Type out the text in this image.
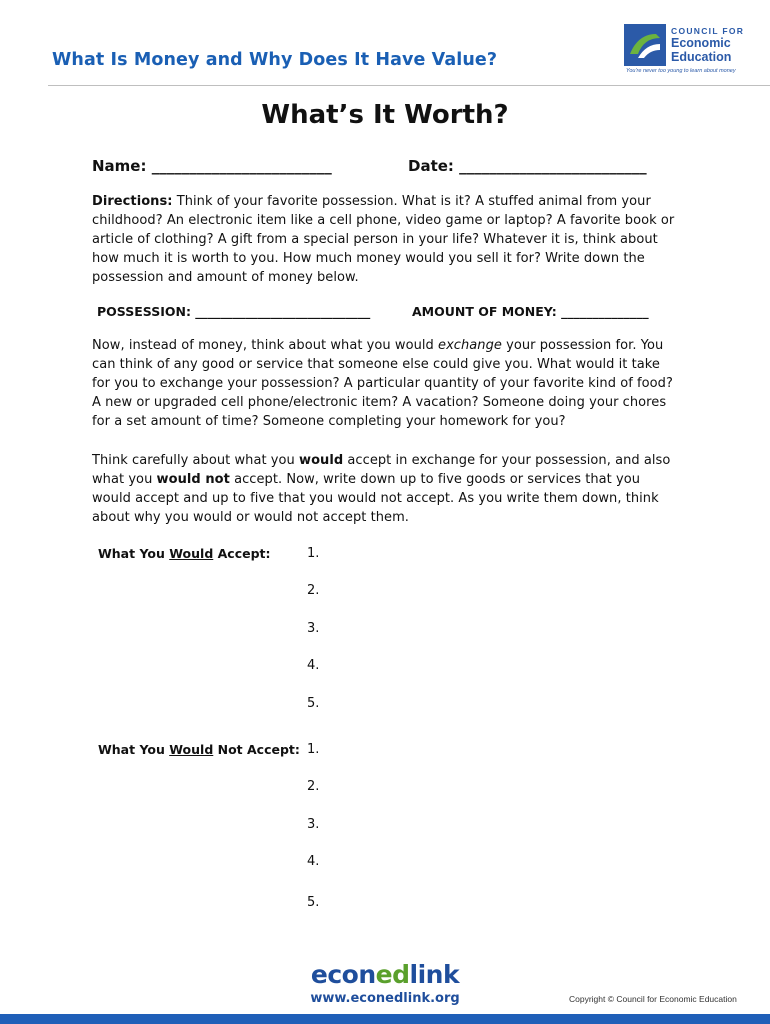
What Is Money and Why Does It Have Value?
COUNCIL FOR
Economic
Education
You're never too young to learn about money
What’s It Worth?
Name: ________________________	Date: _________________________
Directions: Think of your favorite possession. What is it? A stuffed animal from your childhood? An electronic item like a cell phone, video game or laptop? A favorite book or article of clothing? A gift from a special person in your life? Whatever it is, think about how much it is worth to you. How much money would you sell it for? Write down the possession and amount of money below.
POSSESSION: ____________________________	AMOUNT OF MONEY: ______________
Now, instead of money, think about what you would exchange your possession for. You can think of any good or service that someone else could give you. What would it take for you to exchange your possession? A particular quantity of your favorite kind of food? A new or upgraded cell phone/electronic item? A vacation? Someone doing your chores for a set amount of time? Someone completing your homework for you?
Think carefully about what you would accept in exchange for your possession, and also what you would not accept. Now, write down up to five goods or services that you would accept and up to five that you would not accept. As you write them down, think about why you would or would not accept them.
What You Would Accept:	1.
2.
3.
4.
5.
What You Would Not Accept: 1.
2.
3.
4.
5.
econedlink
www.econedlink.org	Copyright © Council for Economic Education
